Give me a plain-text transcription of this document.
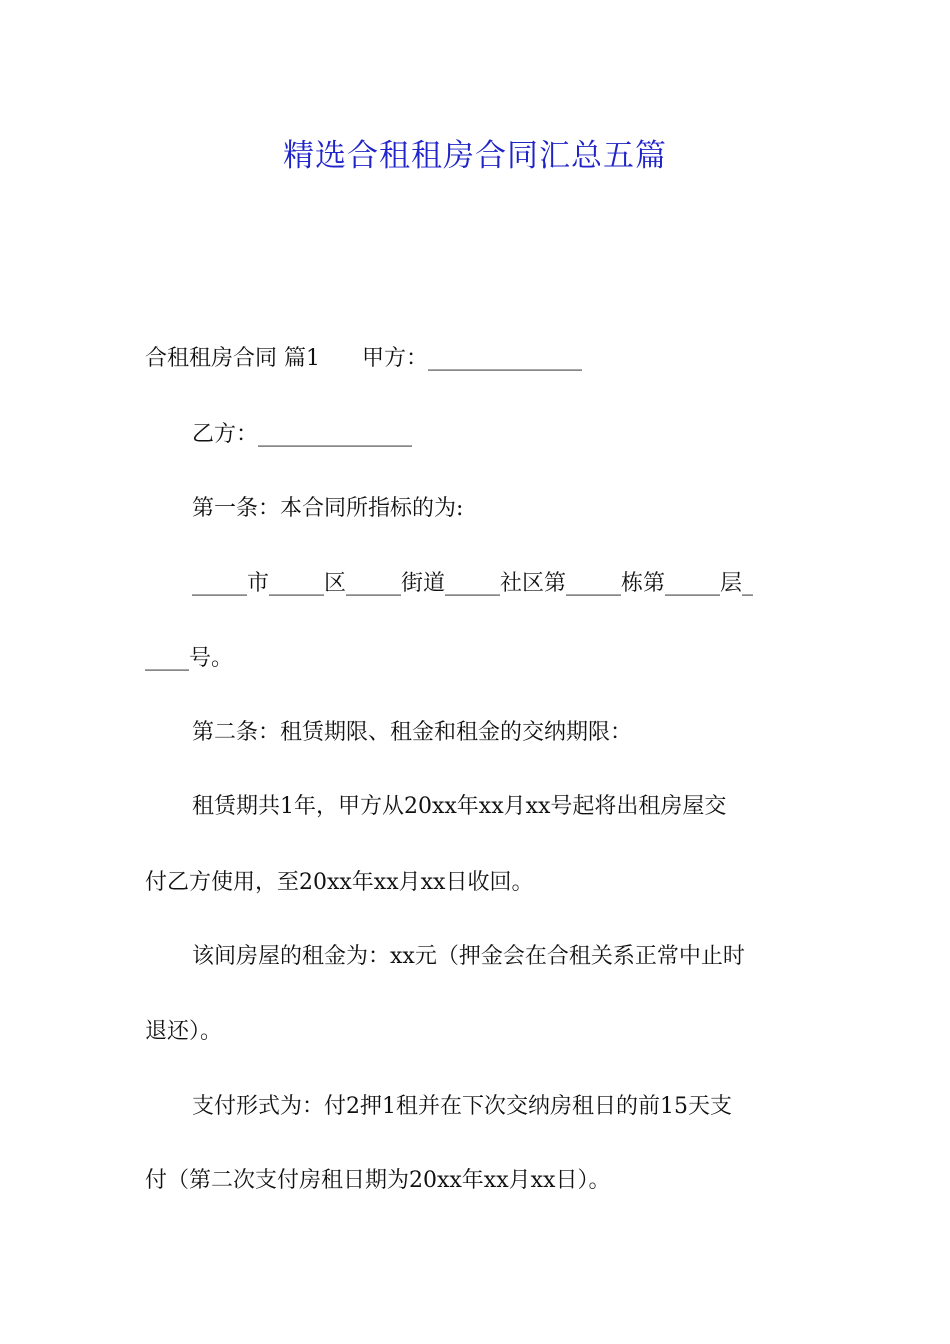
精选合租租房合同汇总五篇

合租租房合同 篇1      甲方：______________

乙方：______________

第一条：本合同所指标的为:

_____市_____区_____街道_____社区第_____栋第_____层_

____号。

第二条：租赁期限、租金和租金的交纳期限：

租赁期共1年，甲方从20xx年xx月xx号起将出租房屋交

付乙方使用，至20xx年xx月xx日收回。

该间房屋的租金为：xx元（押金会在合租关系正常中止时

退还）。

支付形式为：付2押1租并在下次交纳房租日的前15天支

付（第二次支付房租日期为20xx年xx月xx日）。
